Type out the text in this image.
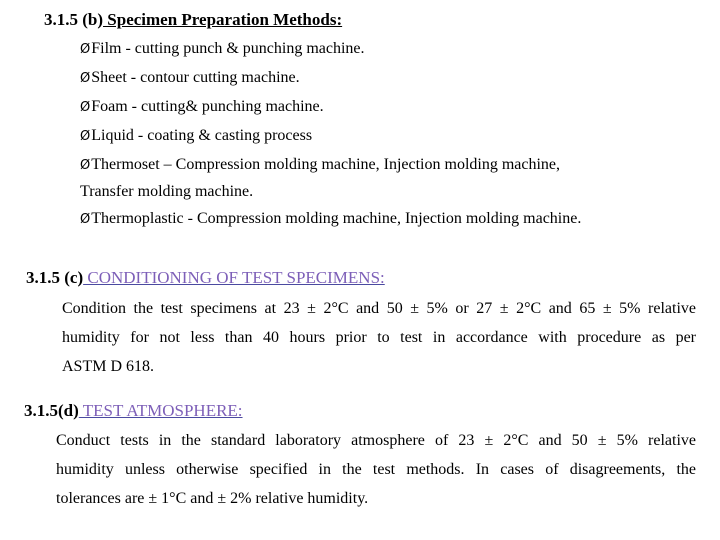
3.1.5 (b) Specimen Preparation Methods:
ØFilm - cutting punch & punching machine.
ØSheet - contour cutting machine.
ØFoam - cutting& punching machine.
ØLiquid - coating & casting process
ØThermoset – Compression molding machine, Injection molding machine,
Transfer molding machine.
ØThermoplastic - Compression molding machine, Injection molding machine.
3.1.5 (c) CONDITIONING OF TEST SPECIMENS:
Condition the test specimens at 23 ± 2°C and 50 ± 5% or 27 ± 2°C and 65 ± 5% relative
humidity for not less than 40 hours prior to test in accordance with procedure as per
ASTM D 618.
3.1.5(d) TEST ATMOSPHERE:
Conduct tests in the standard laboratory atmosphere of 23 ± 2°C and 50 ± 5% relative
humidity unless otherwise specified in the test methods. In cases of disagreements, the
tolerances are ± 1°C and ± 2% relative humidity.
